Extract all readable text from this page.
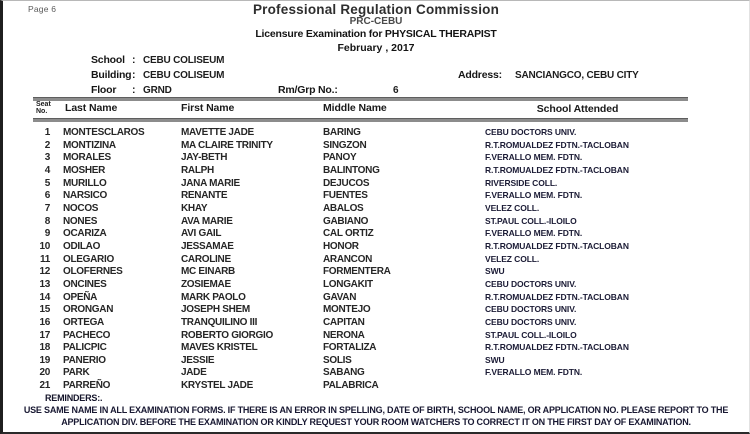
Page 6	Professional Regulation Commission
PRC-CEBU
Licensure Examination for PHYSICAL THERAPIST
February , 2017
School : CEBU COLISEUM
Building : CEBU COLISEUM	Address: SANCIANGCO, CEBU CITY
Floor : GRND	Rm/Grp No.:	6
Seat
No. Last Name	First Name	Middle Name	School Attended
1 MONTESCLAROS	MAVETTE JADE	BARING	CEBU DOCTORS UNIV.
2 MONTIZINA	MA CLAIRE TRINITY	SINGZON	R.T.ROMUALDEZ FDTN.-TACLOBAN
3 MORALES	JAY-BETH	PANOY	F.VERALLO MEM. FDTN.
4 MOSHER	RALPH	BALINTONG	R.T.ROMUALDEZ FDTN.-TACLOBAN
5 MURILLO	JANA MARIE	DEJUCOS	RIVERSIDE COLL.
6 NARSICO	RENANTE	FUENTES	F.VERALLO MEM. FDTN.
7 NOCOS	KHAY	ABALOS	VELEZ COLL.
8 NONES	AVA MARIE	GABIANO	ST.PAUL COLL.-ILOILO
9 OCARIZA	AVI GAIL	CAL ORTIZ	F.VERALLO MEM. FDTN.
10 ODILAO	JESSAMAE	HONOR	R.T.ROMUALDEZ FDTN.-TACLOBAN
11 OLEGARIO	CAROLINE	ARANCON	VELEZ COLL.
12 OLOFERNES	MC EINARB	FORMENTERA	SWU
13 ONCINES	ZOSIEMAE	LONGAKIT	CEBU DOCTORS UNIV.
14 OPEÑA	MARK PAOLO	GAVAN	R.T.ROMUALDEZ FDTN.-TACLOBAN
15 ORONGAN	JOSEPH SHEM	MONTEJO	CEBU DOCTORS UNIV.
16 ORTEGA	TRANQUILINO III	CAPITAN	CEBU DOCTORS UNIV.
17 PACHECO	ROBERTO GIORGIO	NERONA	ST.PAUL COLL.-ILOILO
18 PALICPIC	MAVES KRISTEL	FORTALIZA	R.T.ROMUALDEZ FDTN.-TACLOBAN
19 PANERIO	JESSIE	SOLIS	SWU
20 PARK	JADE	SABANG	F.VERALLO MEM. FDTN.
21 PARREÑO	KRYSTEL JADE	PALABRICA
REMINDERS:.
USE SAME NAME IN ALL EXAMINATION FORMS. IF THERE IS AN ERROR IN SPELLING, DATE OF BIRTH, SCHOOL NAME, OR APPLICATION NO. PLEASE REPORT TO THE
APPLICATION DIV. BEFORE THE EXAMINATION OR KINDLY REQUEST YOUR ROOM WATCHERS TO CORRECT IT ON THE FIRST DAY OF EXAMINATION.
